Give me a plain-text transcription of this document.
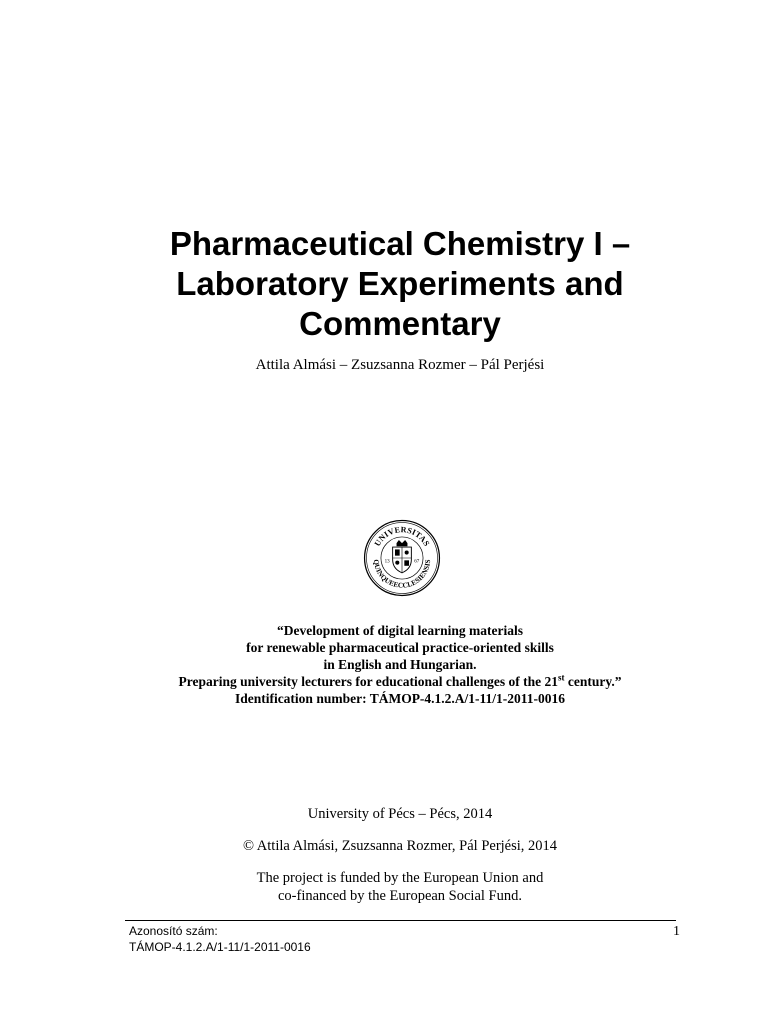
Pharmaceutical Chemistry I –
Laboratory Experiments and
Commentary
Attila Almási – Zsuzsanna Rozmer – Pál Perjési
UNIVERSITAS
QUINQUEECCLESIENSIS
13	67
“Development of digital learning materials
for renewable pharmaceutical practice-oriented skills
in English and Hungarian.
Preparing university lecturers for educational challenges of the 21st century.”
Identification number: TÁMOP-4.1.2.A/1-11/1-2011-0016
University of Pécs – Pécs, 2014
© Attila Almási, Zsuzsanna Rozmer, Pál Perjési, 2014
The project is funded by the European Union and
co-financed by the European Social Fund.
Azonosító szám:
TÁMOP-4.1.2.A/1-11/1-2011-0016
1
